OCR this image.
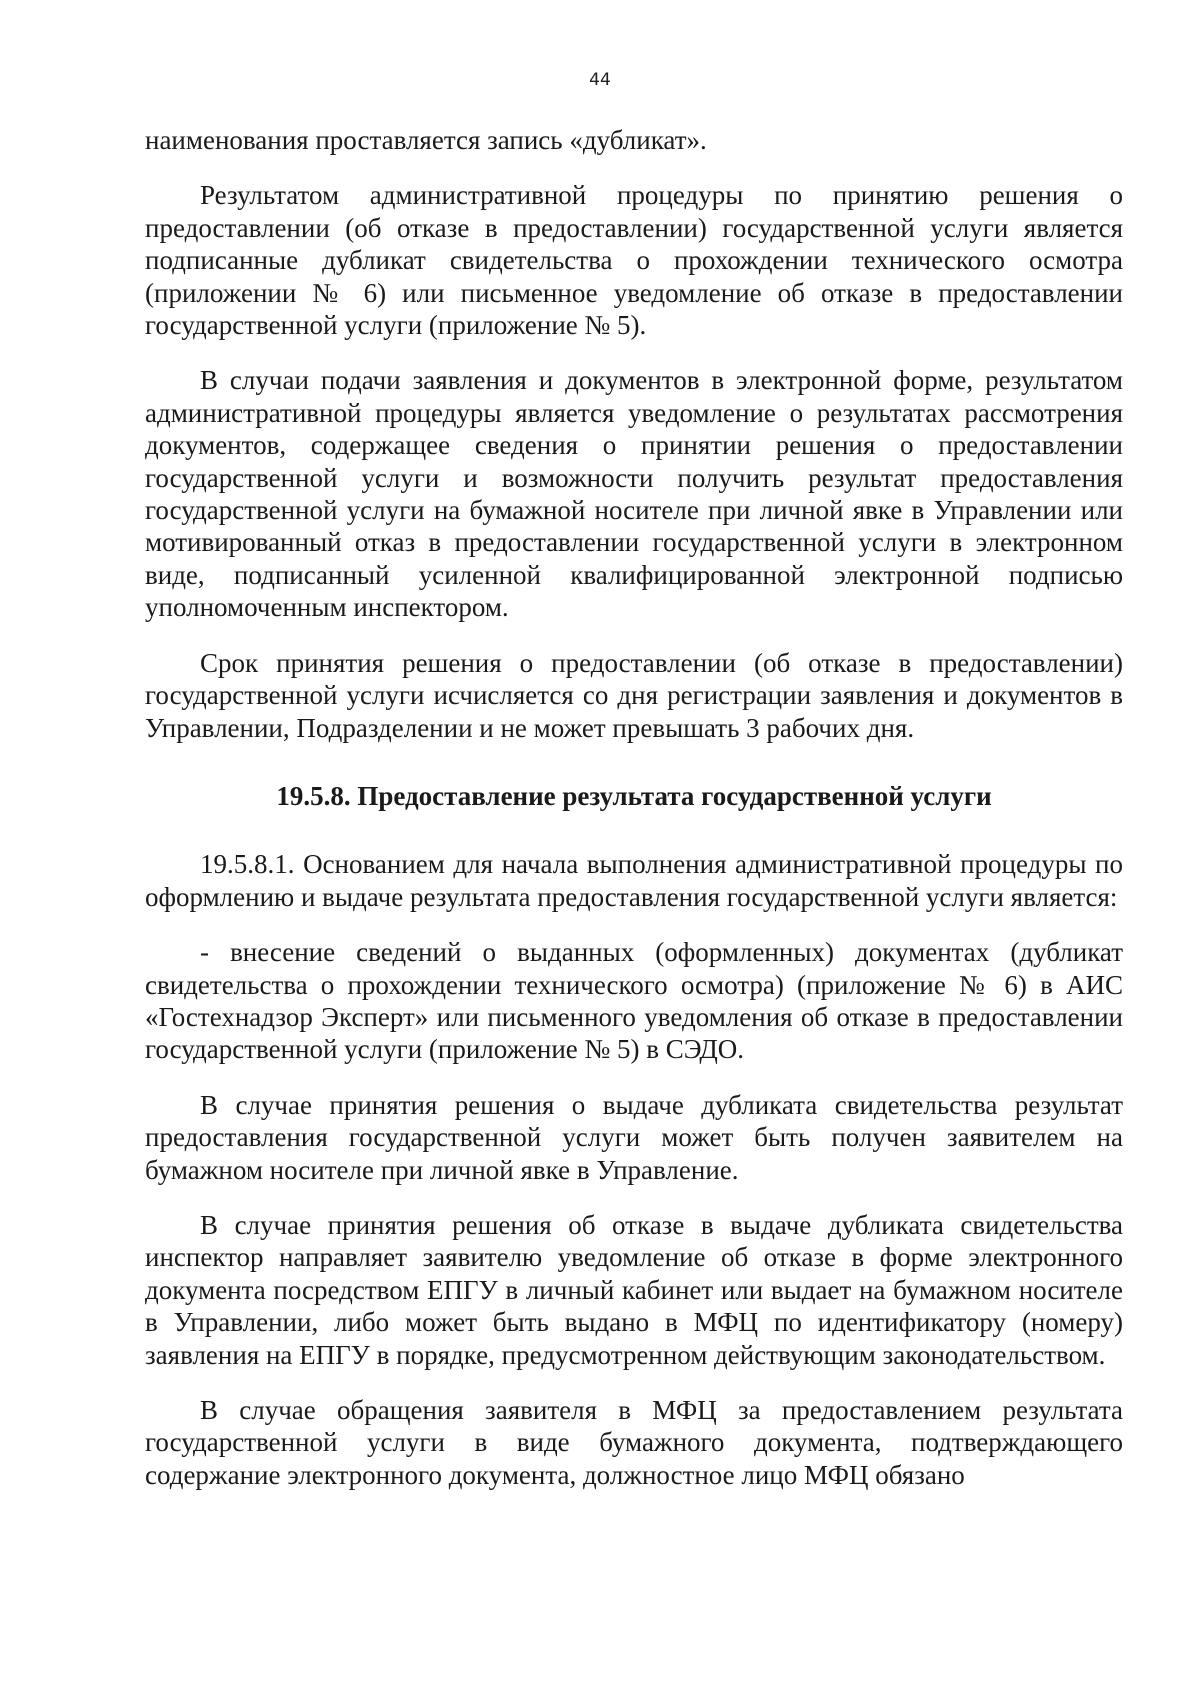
44

наименования проставляется запись «дубликат».

Результатом административной процедуры по принятию решения о предоставлении (об отказе в предоставлении) государственной услуги является подписанные дубликат свидетельства о прохождении технического осмотра (приложении № 6) или письменное уведомление об отказе в предоставлении государственной услуги (приложение № 5).

В случаи подачи заявления и документов в электронной форме, результатом административной процедуры является уведомление о результатах рассмотрения документов, содержащее сведения о принятии решения о предоставлении государственной услуги и возможности получить результат предоставления государственной услуги на бумажной носителе при личной явке в Управлении или мотивированный отказ в предоставлении государственной услуги в электронном виде, подписанный усиленной квалифицированной электронной подписью уполномоченным инспектором.

Срок принятия решения о предоставлении (об отказе в предоставлении) государственной услуги исчисляется со дня регистрации заявления и документов в Управлении, Подразделении и не может превышать 3 рабочих дня.

19.5.8. Предоставление результата государственной услуги

19.5.8.1. Основанием для начала выполнения административной процедуры по оформлению и выдаче результата предоставления государственной услуги является:

- внесение сведений о выданных (оформленных) документах (дубликат свидетельства о прохождении технического осмотра) (приложение № 6) в АИС «Гостехнадзор Эксперт» или письменного уведомления об отказе в предоставлении государственной услуги (приложение № 5) в СЭДО.

В случае принятия решения о выдаче дубликата свидетельства результат предоставления государственной услуги может быть получен заявителем на бумажном носителе при личной явке в Управление.

В случае принятия решения об отказе в выдаче дубликата свидетельства инспектор направляет заявителю уведомление об отказе в форме электронного документа посредством ЕПГУ в личный кабинет или выдает на бумажном носителе в Управлении, либо может быть выдано в МФЦ по идентификатору (номеру) заявления на ЕПГУ в порядке, предусмотренном действующим законодательством.

В случае обращения заявителя в МФЦ за предоставлением результата государственной услуги в виде бумажного документа, подтверждающего содержание электронного документа, должностное лицо МФЦ обязано
